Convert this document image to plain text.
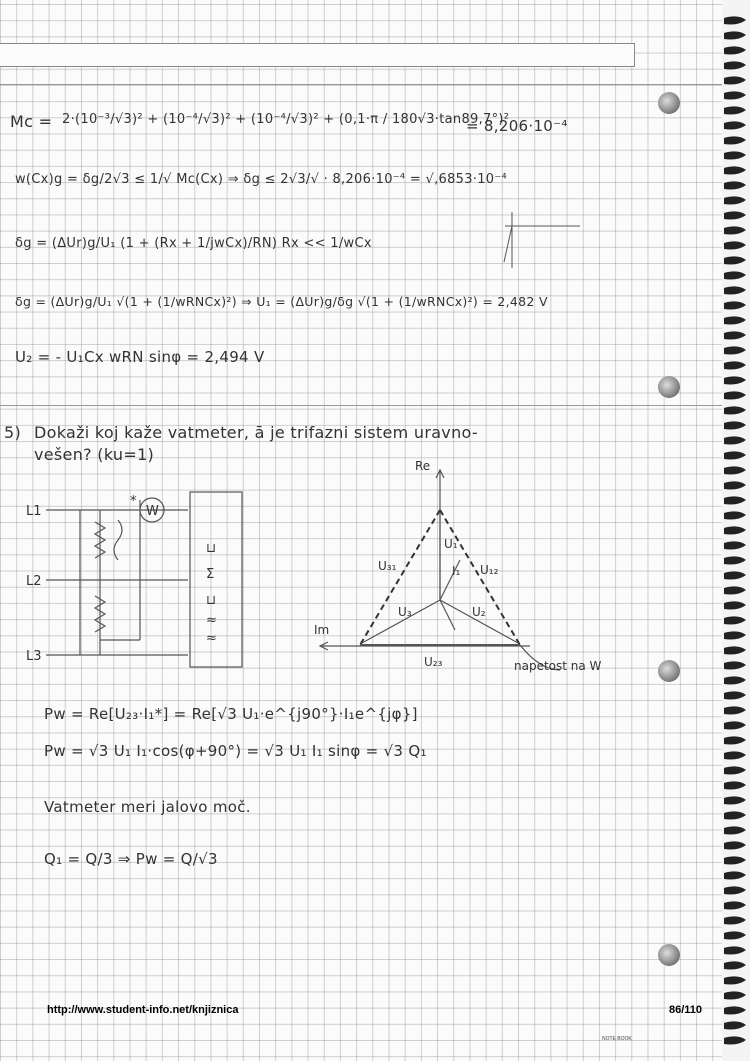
Mc = 2·(10⁻³/√3)² + (10⁻⁴/√3)² + (10⁻⁴/√3)² + (0,1·π / 180√3·tan89,7°)²
= 8,206·10⁻⁴
w(Cx)g = δg/2√3 ≤ 1/√ Mc(Cx) ⇒ δg ≤ 2√3/√ · 8,206·10⁻⁴ = √,6853·10⁻⁴
δg = (ΔUr)g/U₁ (1 + (Rx + 1/jwCx)/RN) Rx << 1/wCx
δg = (ΔUr)g/U₁ √(1 + (1/wRNCx)²) ⇒ U₁ = (ΔUr)g/δg √(1 + (1/wRNCx)²) = 2,482 V
U₂ = - U₁Cx wRN sinφ = 2,494 V
5) Dokaži koj kaže vatmeter, ā je trifazni sistem uravno-
vešen? (ku=1)
L1
L2
L3
W
*
⊔
Σ
⊔
≈
≈
Re
Im
U₁
U₂
U₃
U₃₁	U₁₂
U₂₃
I₁
napetost na W
Pw = Re[U₂₃·I₁*] = Re[√3 U₁·e^{j90°}·I₁e^{jφ}]
Pw = √3 U₁ I₁·cos(φ+90°) = √3 U₁ I₁ sinφ = √3 Q₁
Vatmeter meri jalovo moč.
Q₁ = Q/3 ⇒ Pw = Q/√3
http://www.student-info.net/knjiznica	86/110
NOTE BOOK
